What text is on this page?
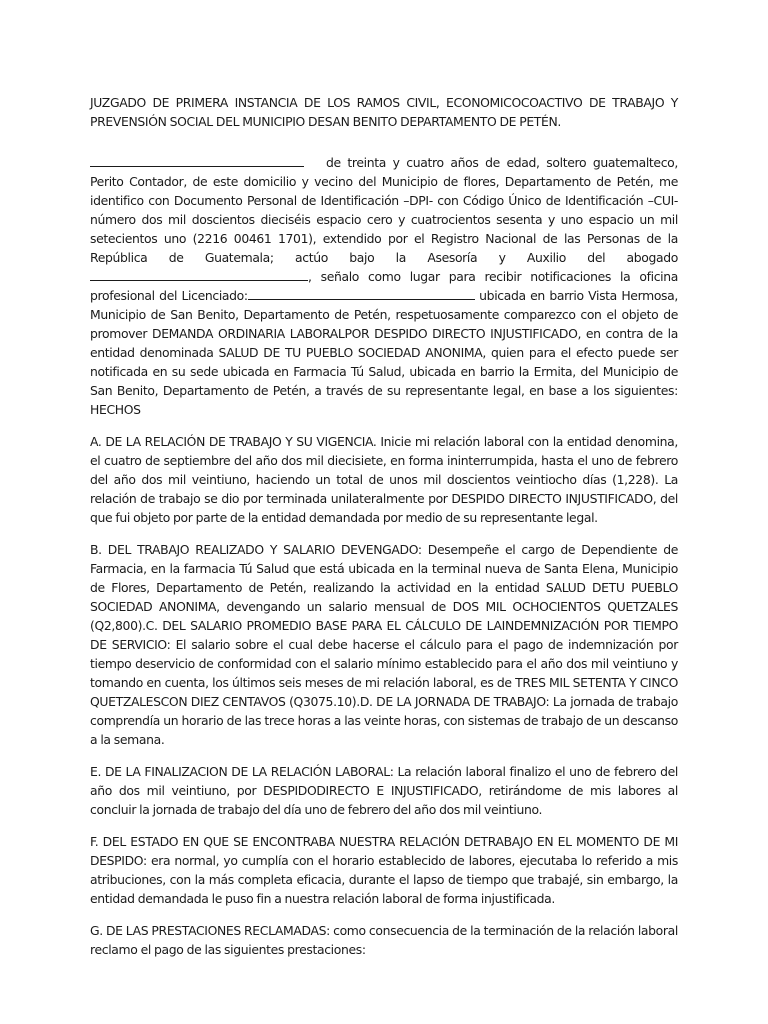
JUZGADO DE PRIMERA INSTANCIA DE LOS RAMOS CIVIL, ECONOMICOCOACTIVO DE TRABAJO Y PREVENSIÓN SOCIAL DEL MUNICIPIO DESAN BENITO DEPARTAMENTO DE PETÉN.

de treinta y cuatro años de edad, soltero guatemalteco, Perito Contador, de este domicilio y vecino del Municipio de flores, Departamento de Petén, me identifico con Documento Personal de Identificación –DPI- con Código Único de Identificación –CUI- número dos mil doscientos dieciséis espacio cero y cuatrocientos sesenta y uno espacio un mil setecientos uno (2216 00461 1701), extendido por el Registro Nacional de las Personas de la República de Guatemala; actúo bajo la Asesoría y Auxilio del abogado , señalo como lugar para recibir notificaciones la oficina profesional del Licenciado:	ubicada en barrio Vista Hermosa, Municipio de San Benito, Departamento de Petén, respetuosamente comparezco con el objeto de promover DEMANDA ORDINARIA LABORALPOR DESPIDO DIRECTO INJUSTIFICADO, en contra de la entidad denominada SALUD DE TU PUEBLO SOCIEDAD ANONIMA, quien para el efecto puede ser notificada en su sede ubicada en Farmacia Tú Salud, ubicada en barrio la Ermita, del Municipio de San Benito, Departamento de Petén, a través de su representante legal, en base a los siguientes: HECHOS

A. DE LA RELACIÓN DE TRABAJO Y SU VIGENCIA. Inicie mi relación laboral con la entidad denomina, el cuatro de septiembre del año dos mil diecisiete, en forma ininterrumpida, hasta el uno de febrero del año dos mil veintiuno, haciendo un total de unos mil doscientos veintiocho días (1,228). La relación de trabajo se dio por terminada unilateralmente por DESPIDO DIRECTO INJUSTIFICADO, del que fui objeto por parte de la entidad demandada por medio de su representante legal.

B. DEL TRABAJO REALIZADO Y SALARIO DEVENGADO: Desempeñe el cargo de Dependiente de Farmacia, en la farmacia Tú Salud que está ubicada en la terminal nueva de Santa Elena, Municipio de Flores, Departamento de Petén, realizando la actividad en la entidad SALUD DETU PUEBLO SOCIEDAD ANONIMA, devengando un salario mensual de DOS MIL OCHOCIENTOS QUETZALES (Q2,800).C. DEL SALARIO PROMEDIO BASE PARA EL CÁLCULO DE LAINDEMNIZACIÓN POR TIEMPO DE SERVICIO: El salario sobre el cual debe hacerse el cálculo para el pago de indemnización por tiempo deservicio de conformidad con el salario mínimo establecido para el año dos mil veintiuno y tomando en cuenta, los últimos seis meses de mi relación laboral, es de TRES MIL SETENTA Y CINCO QUETZALESCON DIEZ CENTAVOS (Q3075.10).D. DE LA JORNADA DE TRABAJO: La jornada de trabajo comprendía un horario de las trece horas a las veinte horas, con sistemas de trabajo de un descanso a la semana.

E. DE LA FINALIZACION DE LA RELACIÓN LABORAL: La relación laboral finalizo el uno de febrero del año dos mil veintiuno, por DESPIDODIRECTO E INJUSTIFICADO, retirándome de mis labores al concluir la jornada de trabajo del día uno de febrero del año dos mil veintiuno.

F. DEL ESTADO EN QUE SE ENCONTRABA NUESTRA RELACIÓN DETRABAJO EN EL MOMENTO DE MI DESPIDO: era normal, yo cumplía con el horario establecido de labores, ejecutaba lo referido a mis atribuciones, con la más completa eficacia, durante el lapso de tiempo que trabajé, sin embargo, la entidad demandada le puso fin a nuestra relación laboral de forma injustificada.

G. DE LAS PRESTACIONES RECLAMADAS: como consecuencia de la terminación de la relación laboral reclamo el pago de las siguientes prestaciones:
